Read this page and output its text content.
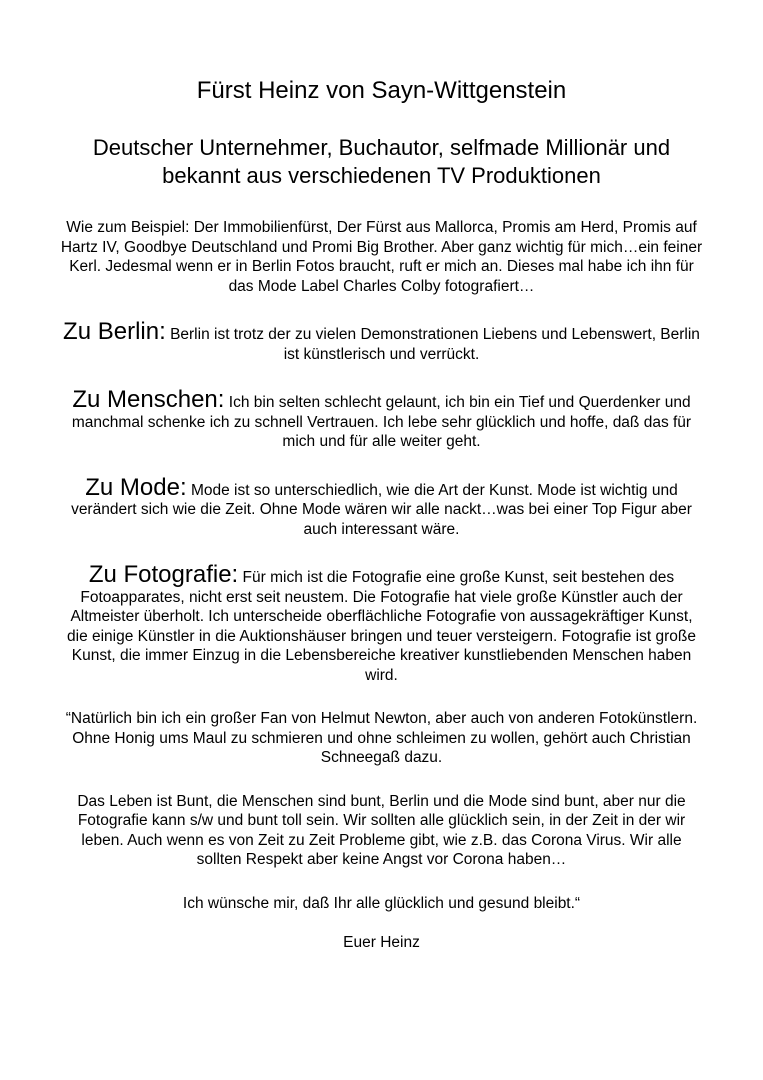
Fürst Heinz von Sayn-Wittgenstein
Deutscher Unternehmer, Buchautor, selfmade Millionär und bekannt aus verschiedenen TV Produktionen

Wie zum Beispiel: Der Immobilienfürst, Der Fürst aus Mallorca, Promis am Herd, Promis auf Hartz IV, Goodbye Deutschland und Promi Big Brother. Aber ganz wichtig für mich…ein feiner Kerl. Jedesmal wenn er in Berlin Fotos braucht, ruft er mich an. Dieses mal habe ich ihn für das Mode Label Charles Colby fotografiert…

Zu Berlin: Berlin ist trotz der zu vielen Demonstrationen Liebens und Lebenswert, Berlin ist künstlerisch und verrückt.

Zu Menschen: Ich bin selten schlecht gelaunt, ich bin ein Tief und Querdenker und manchmal schenke ich zu schnell Vertrauen. Ich lebe sehr glücklich und hoffe, daß das für mich und für alle weiter geht.

Zu Mode: Mode ist so unterschiedlich, wie die Art der Kunst. Mode ist wichtig und verändert sich wie die Zeit. Ohne Mode wären wir alle nackt…was bei einer Top Figur aber auch interessant wäre.

Zu Fotografie: Für mich ist die Fotografie eine große Kunst, seit bestehen des Fotoapparates, nicht erst seit neustem. Die Fotografie hat viele große Künstler auch der Altmeister überholt. Ich unterscheide oberflächliche Fotografie von aussagekräftiger Kunst, die einige Künstler in die Auktionshäuser bringen und teuer versteigern. Fotografie ist große Kunst, die immer Einzug in die Lebensbereiche kreativer kunstliebenden Menschen haben wird.

“Natürlich bin ich ein großer Fan von Helmut Newton, aber auch von anderen Fotokünstlern. Ohne Honig ums Maul zu schmieren und ohne schleimen zu wollen, gehört auch Christian Schneegaß dazu.

Das Leben ist Bunt, die Menschen sind bunt, Berlin und die Mode sind bunt, aber nur die Fotografie kann s/w und bunt toll sein. Wir sollten alle glücklich sein, in der Zeit in der wir leben. Auch wenn es von Zeit zu Zeit Probleme gibt, wie z.B. das Corona Virus. Wir alle sollten Respekt aber keine Angst vor Corona haben…

Ich wünsche mir, daß Ihr alle glücklich und gesund bleibt.“

Euer Heinz
